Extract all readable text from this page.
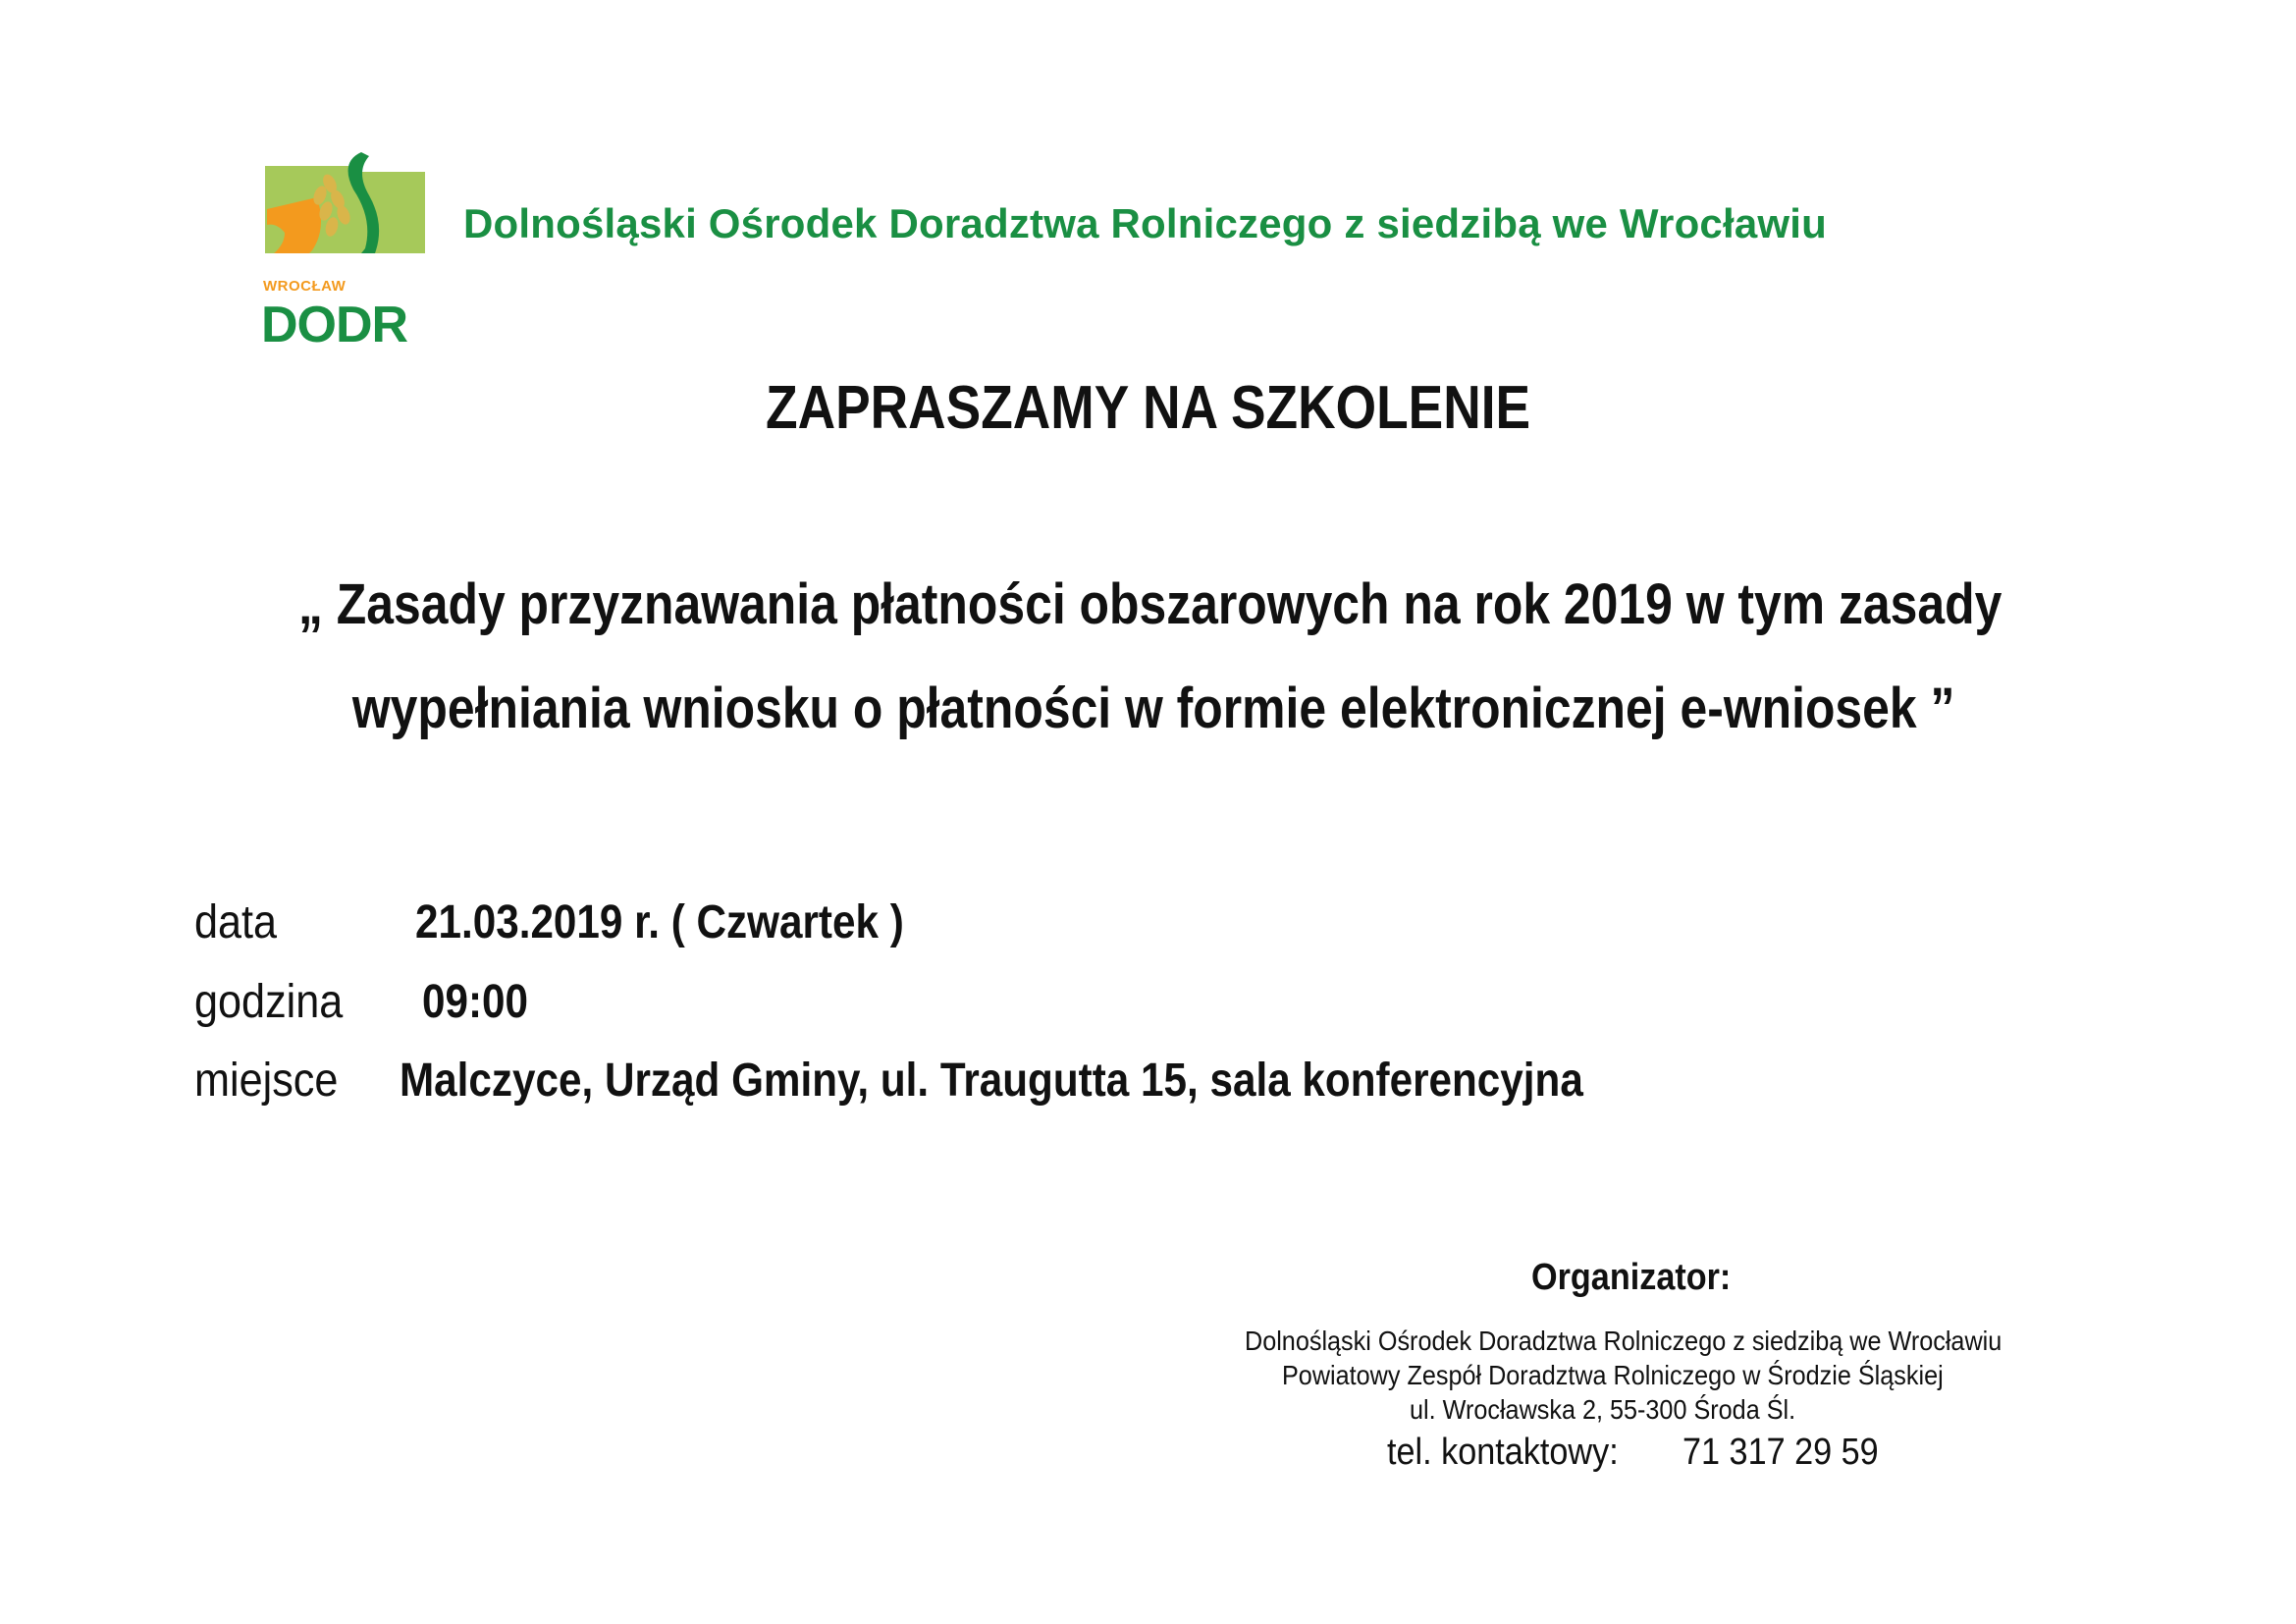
WROCŁAW
DODR
Dolnośląski Ośrodek Doradztwa Rolniczego z siedzibą we Wrocławiu
ZAPRASZAMY NA SZKOLENIE
„ Zasady przyznawania płatności obszarowych na rok 2019 w tym zasady
wypełniania wniosku o płatności w formie elektronicznej e-wniosek ”
data	21.03.2019 r. ( Czwartek )
godzina 09:00
miejsce Malczyce, Urząd Gminy, ul. Traugutta 15, sala konferencyjna
Organizator:
Dolnośląski Ośrodek Doradztwa Rolniczego z siedzibą we Wrocławiu
Powiatowy Zespół Doradztwa Rolniczego w Środzie Śląskiej
ul. Wrocławska 2, 55-300 Środa Śl.
tel. kontaktowy: 71 317 29 59
